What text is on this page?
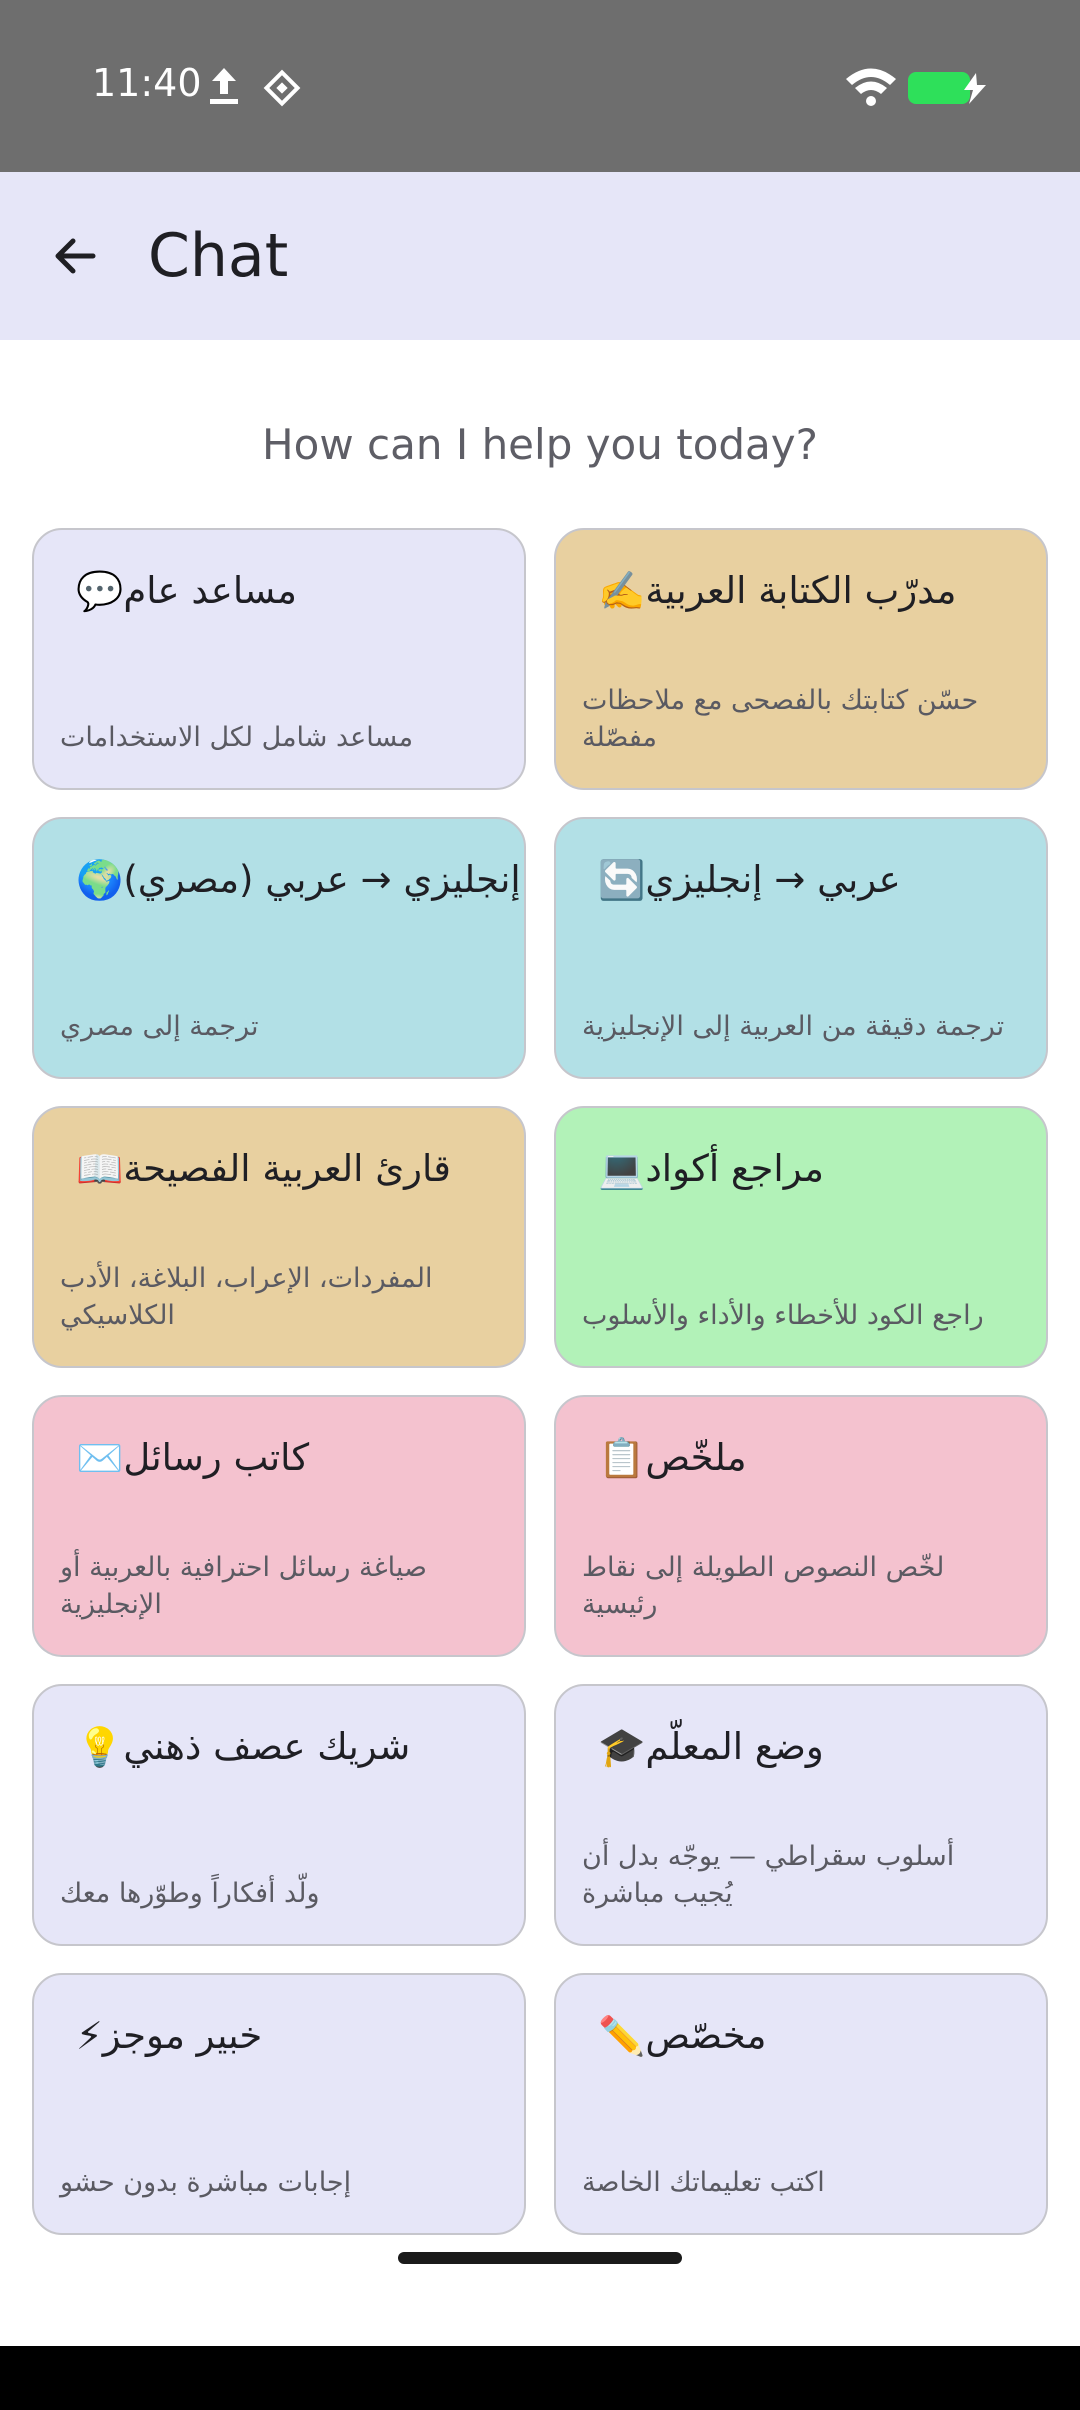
11:40
Chat
How can I help you today?
مساعد عام
💬
مساعد شامل لكل الاستخدامات
مدرّب الكتابة العربية
✍️
حسّن كتابتك بالفصحى مع ملاحظات مفصّلة
إنجليزي → عربي (مصري)
🌍
ترجمة إلى مصري
عربي → إنجليزي
🔄
ترجمة دقيقة من العربية إلى الإنجليزية
قارئ العربية الفصيحة
📖
المفردات، الإعراب، البلاغة، الأدب الكلاسيكي
مراجع أكواد
💻
راجع الكود للأخطاء والأداء والأسلوب
كاتب رسائل
✉️
صياغة رسائل احترافية بالعربية أو الإنجليزية
ملخّص
📋
لخّص النصوص الطويلة إلى نقاط رئيسية
شريك عصف ذهني
💡
ولّد أفكاراً وطوّرها معك
وضع المعلّم
🎓
أسلوب سقراطي — يوجّه بدل أن يُجيب مباشرة
خبير موجز
⚡
إجابات مباشرة بدون حشو
مخصّص
✏️
اكتب تعليماتك الخاصة
